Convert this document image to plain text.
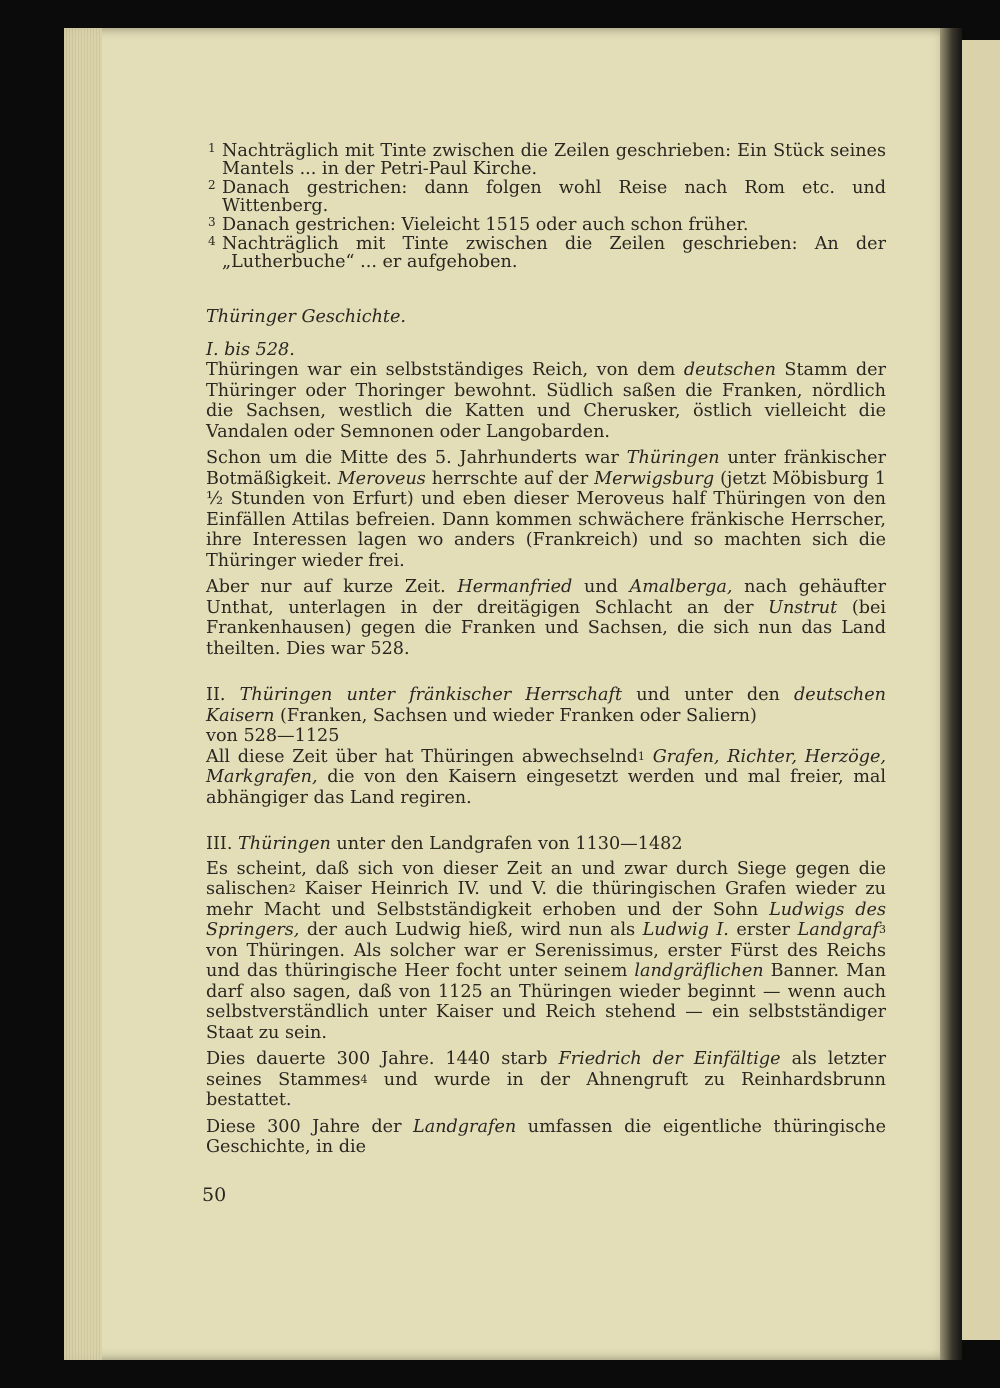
1 Nachträglich mit Tinte zwischen die Zeilen geschrieben: Ein Stück seines Mantels ... in der Petri-Paul Kirche.

2 Danach gestrichen: dann folgen wohl Reise nach Rom etc. und Wittenberg.

3 Danach gestrichen: Vieleicht 1515 oder auch schon früher.

4 Nachträglich mit Tinte zwischen die Zeilen geschrieben: An der „Lutherbuche“ ... er aufgehoben.

Thüringer Geschichte.

I. bis 528.

Thüringen war ein selbstständiges Reich, von dem deutschen Stamm der Thüringer oder Thoringer bewohnt. Südlich saßen die Franken, nördlich die Sachsen, westlich die Katten und Cherusker, östlich vielleicht die Vandalen oder Semnonen oder Langobarden.

Schon um die Mitte des 5. Jahrhunderts war Thüringen unter fränkischer Botmäßigkeit. Meroveus herrschte auf der Merwigsburg (jetzt Möbisburg 1 ½ Stunden von Erfurt) und eben dieser Meroveus half Thüringen von den Einfällen Attilas befreien. Dann kommen schwächere fränkische Herrscher, ihre Interessen lagen wo anders (Frankreich) und so machten sich die Thüringer wieder frei.

Aber nur auf kurze Zeit. Hermanfried und Amalberga, nach gehäufter Unthat, unterlagen in der dreitägigen Schlacht an der Unstrut (bei Frankenhausen) gegen die Franken und Sachsen, die sich nun das Land theilten. Dies war 528.

II. Thüringen unter fränkischer Herrschaft und unter den deutschen Kaisern (Franken, Sachsen und wieder Franken oder Saliern)

von 528—1125

All diese Zeit über hat Thüringen abwechselnd$^1$ Grafen, Richter, Herzöge, Markgrafen, die von den Kaisern eingesetzt werden und mal freier, mal abhängiger das Land regiren.

III. Thüringen unter den Landgrafen von 1130—1482

Es scheint, daß sich von dieser Zeit an und zwar durch Siege gegen die salischen$^2$ Kaiser Heinrich IV. und V. die thüringischen Grafen wieder zu mehr Macht und Selbstständigkeit erhoben und der Sohn Ludwigs des Springers, der auch Ludwig hieß, wird nun als Ludwig I. erster Landgraf$^3$ von Thüringen. Als solcher war er Serenissimus, erster Fürst des Reichs und das thüringische Heer focht unter seinem landgräflichen Banner. Man darf also sagen, daß von 1125 an Thüringen wieder beginnt — wenn auch selbstverständlich unter Kaiser und Reich stehend — ein selbstständiger Staat zu sein.

Dies dauerte 300 Jahre. 1440 starb Friedrich der Einfältige als letzter seines Stammes$^4$ und wurde in der Ahnengruft zu Reinhardsbrunn bestattet.

Diese 300 Jahre der Landgrafen umfassen die eigentliche thüringische Geschichte, in die

50
